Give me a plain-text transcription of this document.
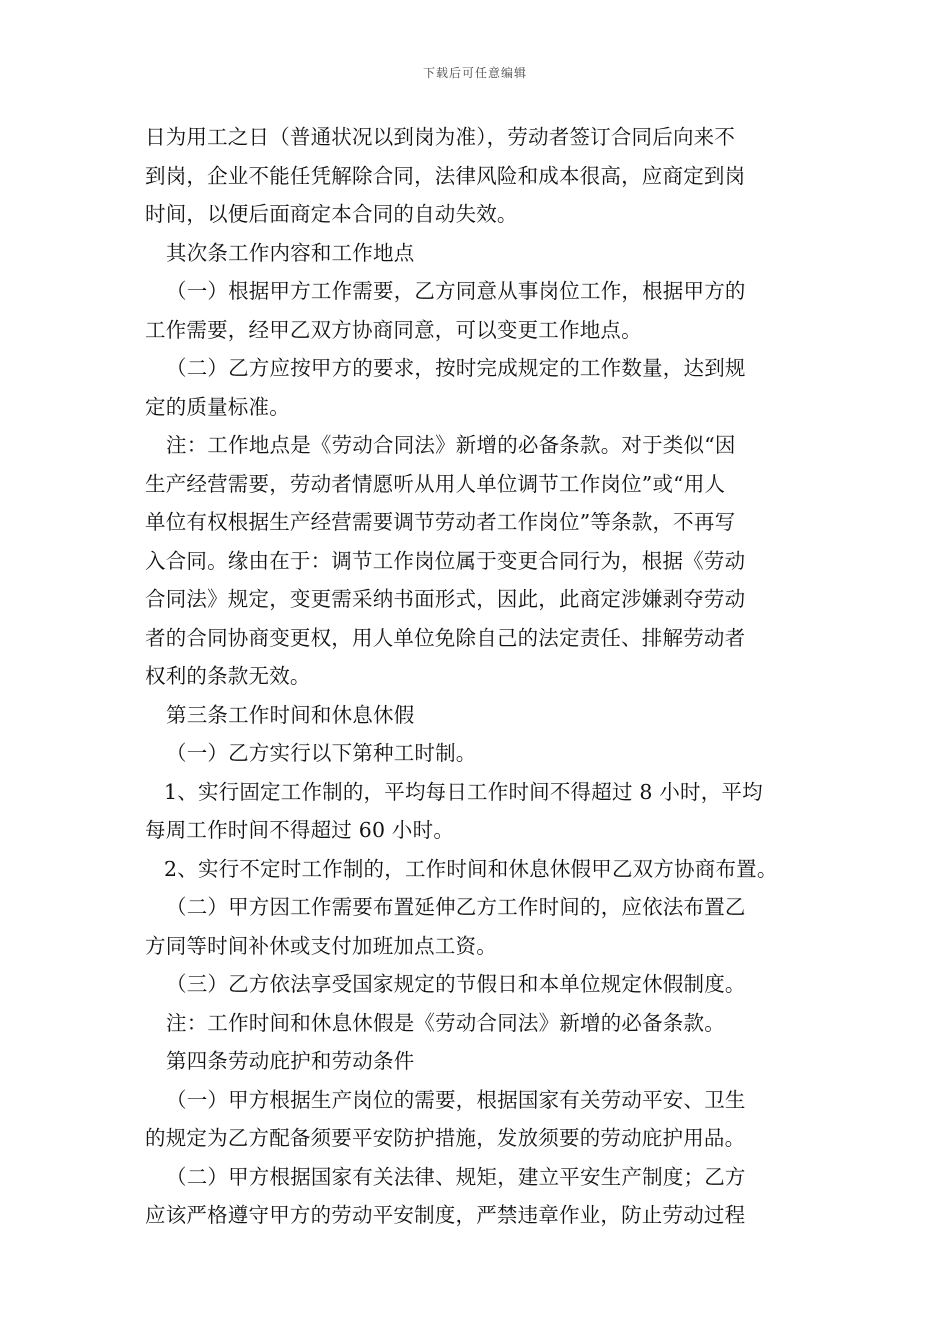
下载后可任意编辑
日为用工之日（普通状况以到岗为准），劳动者签订合同后向来不
到岗，企业不能任凭解除合同，法律风险和成本很高，应商定到岗
时间，以便后面商定本合同的自动失效。
其次条工作内容和工作地点
（一）根据甲方工作需要，乙方同意从事岗位工作，根据甲方的
工作需要，经甲乙双方协商同意，可以变更工作地点。
（二）乙方应按甲方的要求，按时完成规定的工作数量，达到规
定的质量标准。
注：工作地点是《劳动合同法》新增的必备条款。对于类似“因
生产经营需要，劳动者情愿听从用人单位调节工作岗位”或“用人
单位有权根据生产经营需要调节劳动者工作岗位”等条款，不再写
入合同。缘由在于：调节工作岗位属于变更合同行为，根据《劳动
合同法》规定，变更需采纳书面形式，因此，此商定涉嫌剥夺劳动
者的合同协商变更权，用人单位免除自己的法定责任、排解劳动者
权利的条款无效。
第三条工作时间和休息休假
（一）乙方实行以下第种工时制。
1、实行固定工作制的，平均每日工作时间不得超过 8 小时，平均
每周工作时间不得超过 60 小时。
2、实行不定时工作制的，工作时间和休息休假甲乙双方协商布置。
（二）甲方因工作需要布置延伸乙方工作时间的，应依法布置乙
方同等时间补休或支付加班加点工资。
（三）乙方依法享受国家规定的节假日和本单位规定休假制度。
注：工作时间和休息休假是《劳动合同法》新增的必备条款。
第四条劳动庇护和劳动条件
（一）甲方根据生产岗位的需要，根据国家有关劳动平安、卫生
的规定为乙方配备须要平安防护措施，发放须要的劳动庇护用品。
（二）甲方根据国家有关法律、规矩，建立平安生产制度；乙方
应该严格遵守甲方的劳动平安制度，严禁违章作业，防止劳动过程
